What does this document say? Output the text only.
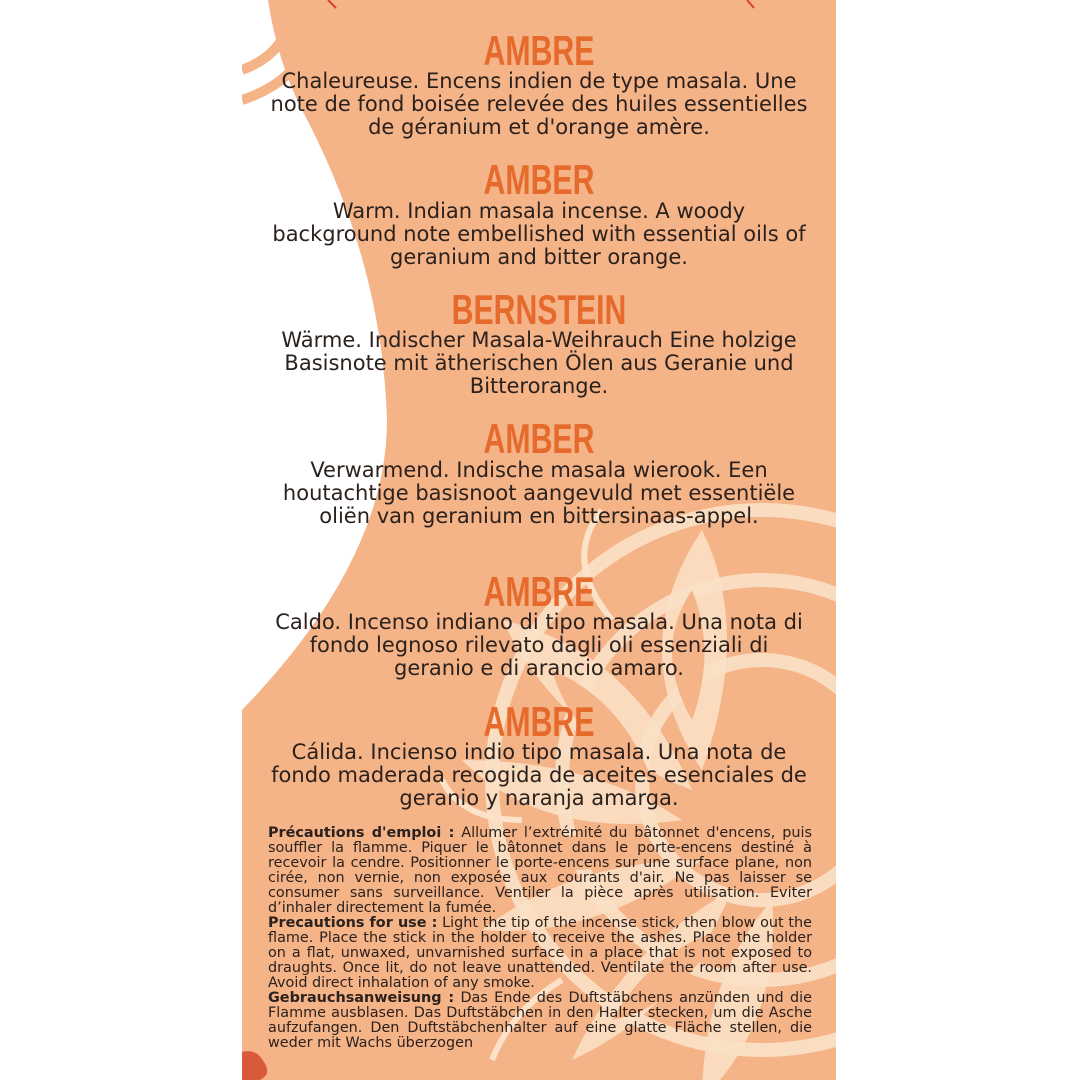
AMBRE
Chaleureuse. Encens indien de type masala. Une note de fond boisée relevée des huiles essentielles de géranium et d'orange amère.
AMBER
Warm. Indian masala incense. A woody background note embellished with essential oils of geranium and bitter orange.
BERNSTEIN
Wärme. Indischer Masala-Weihrauch Eine holzige Basisnote mit ätherischen Ölen aus Geranie und Bitterorange.
AMBER
Verwarmend. Indische masala wierook. Een houtachtige basisnoot aangevuld met essentiële oliën van geranium en bittersinaas-appel.
AMBRE
Caldo. Incenso indiano di tipo masala. Una nota di fondo legnoso rilevato dagli oli essenziali di geranio e di arancio amaro.
AMBRE
Cálida. Incienso indio tipo masala. Una nota de fondo maderada recogida de aceites esenciales de geranio y naranja amarga.

Précautions d'emploi : Allumer l’extrémité du bâtonnet d'encens, puis souffler la flamme. Piquer le bâtonnet dans le porte-encens destiné à recevoir la cendre. Positionner le porte-encens sur une surface plane, non cirée, non vernie, non exposée aux courants d'air. Ne pas laisser se consumer sans surveillance. Ventiler la pièce après utilisation. Eviter d’inhaler directement la fumée.

Precautions for use : Light the tip of the incense stick, then blow out the flame. Place the stick in the holder to receive the ashes. Place the holder on a flat, unwaxed, unvarnished surface in a place that is not exposed to draughts. Once lit, do not leave unattended. Ventilate the room after use. Avoid direct inhalation of any smoke.

Gebrauchsanweisung : Das Ende des Duftstäbchens anzünden und die Flamme ausblasen. Das Duftstäbchen in den Halter stecken, um die Asche aufzufangen. Den Duftstäbchenhalter auf eine glatte Fläche stellen, die weder mit Wachs überzogen
